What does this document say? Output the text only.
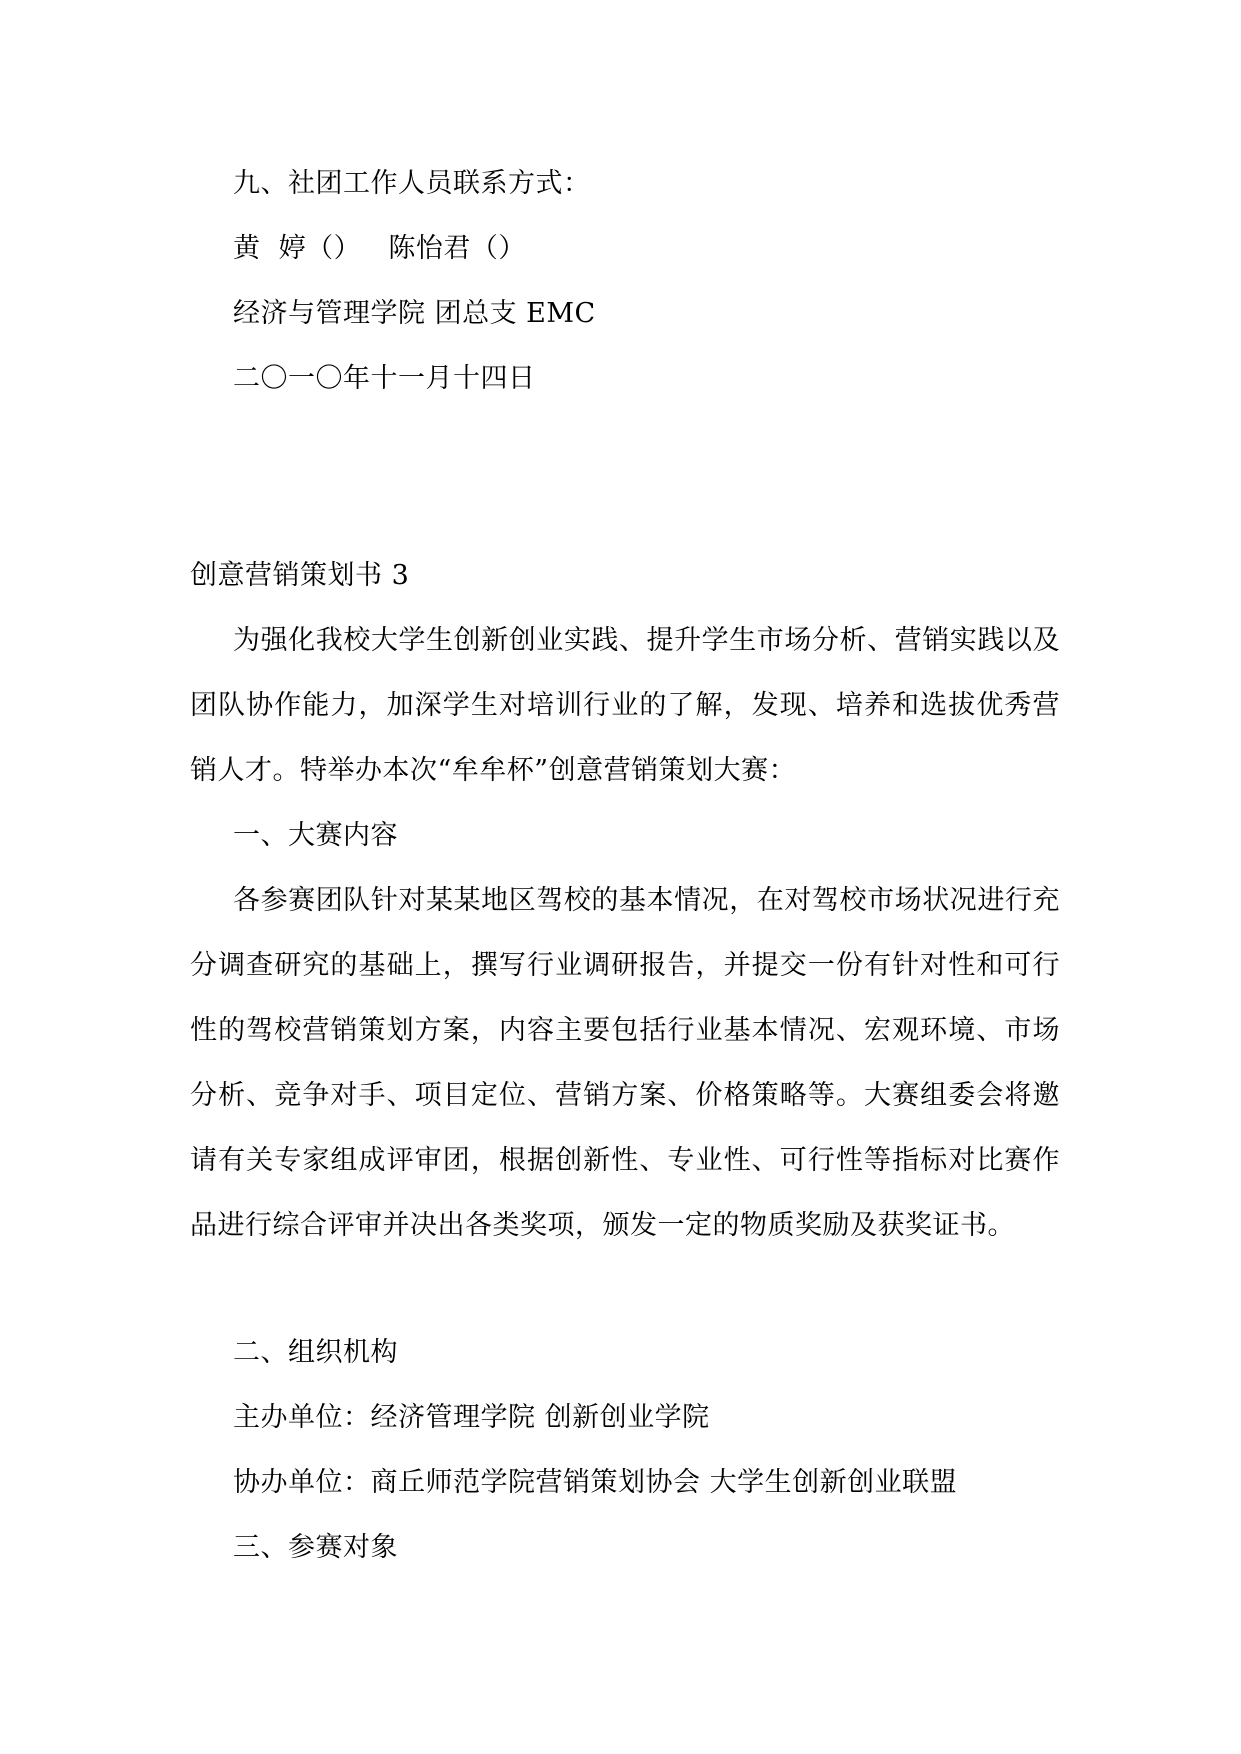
九、社团工作人员联系方式：
黄  婷（）   陈怡君（）
经济与管理学院 团总支 EMC
二〇一〇年十一月十四日
创意营销策划书 3
为强化我校大学生创新创业实践、提升学生市场分析、营销实践以及团队协作能力，加深学生对培训行业的了解，发现、培养和选拔优秀营销人才。特举办本次“牟牟杯”创意营销策划大赛：
一、大赛内容
各参赛团队针对某某地区驾校的基本情况，在对驾校市场状况进行充分调查研究的基础上，撰写行业调研报告，并提交一份有针对性和可行性的驾校营销策划方案，内容主要包括行业基本情况、宏观环境、市场分析、竞争对手、项目定位、营销方案、价格策略等。大赛组委会将邀请有关专家组成评审团，根据创新性、专业性、可行性等指标对比赛作品进行综合评审并决出各类奖项，颁发一定的物质奖励及获奖证书。
二、组织机构
主办单位：经济管理学院 创新创业学院
协办单位：商丘师范学院营销策划协会 大学生创新创业联盟
三、参赛对象
